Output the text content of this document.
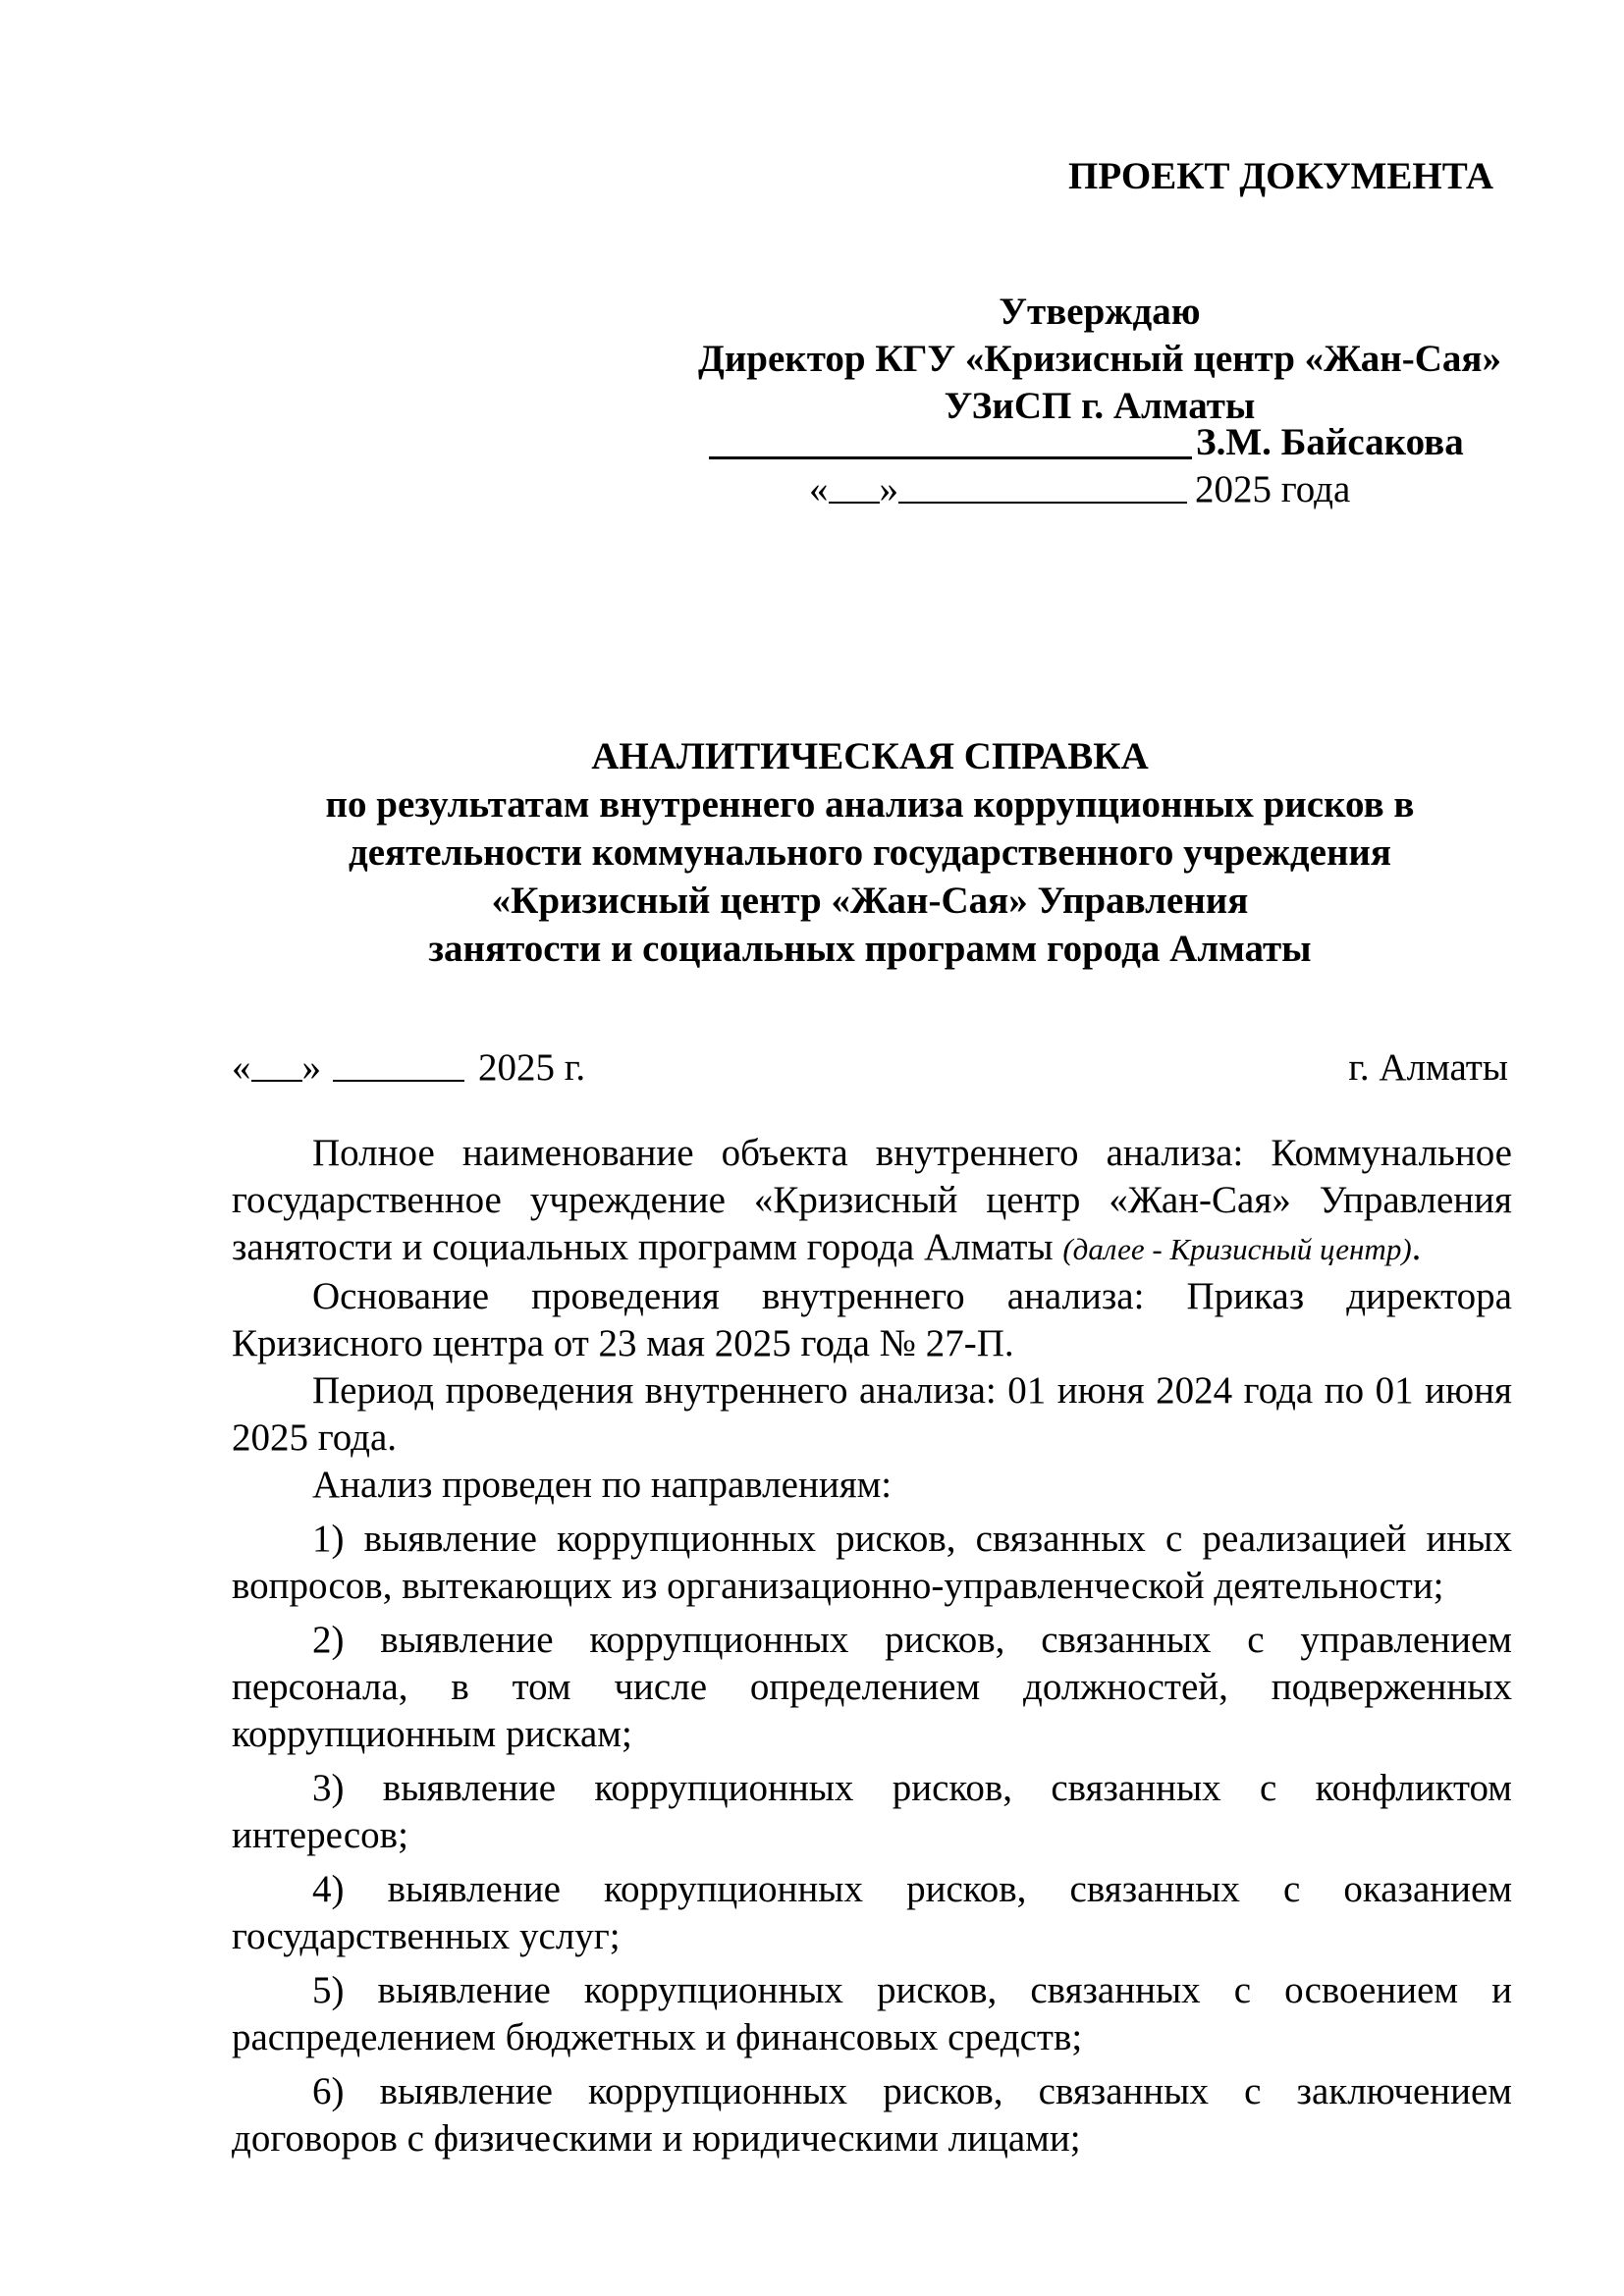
ПРОЕКТ ДОКУМЕНТА
Утверждаю
Директор КГУ «Кризисный центр «Жан-Сая»
УЗиСП г. Алматы
З.М. Байсакова
« »	2025 года
АНАЛИТИЧЕСКАЯ СПРАВКА
по результатам внутреннего анализа коррупционных рисков в
деятельности коммунального государственного учреждения
«Кризисный центр «Жан-Сая» Управления
занятости и социальных программ города Алматы
« »	2025 г.	г. Алматы

Полное наименование объекта внутреннего анализа: Коммунальное государственное учреждение «Кризисный центр «Жан-Сая» Управления занятости и социальных программ города Алматы (далее - Кризисный центр).

Основание проведения внутреннего анализа: Приказ директора Кризисного центра от 23 мая 2025 года № 27-П.

Период проведения внутреннего анализа: 01 июня 2024 года по 01 июня 2025 года.

Анализ проведен по направлениям:

1) выявление коррупционных рисков, связанных с реализацией иных вопросов, вытекающих из организационно-управленческой деятельности;

2) выявление коррупционных рисков, связанных с управлением персонала, в том числе определением должностей, подверженных коррупционным рискам;

3) выявление коррупционных рисков, связанных с конфликтом интересов;

4) выявление коррупционных рисков, связанных с оказанием государственных услуг;

5) выявление коррупционных рисков, связанных с освоением и распределением бюджетных и финансовых средств;

6) выявление коррупционных рисков, связанных с заключением договоров с физическими и юридическими лицами;
